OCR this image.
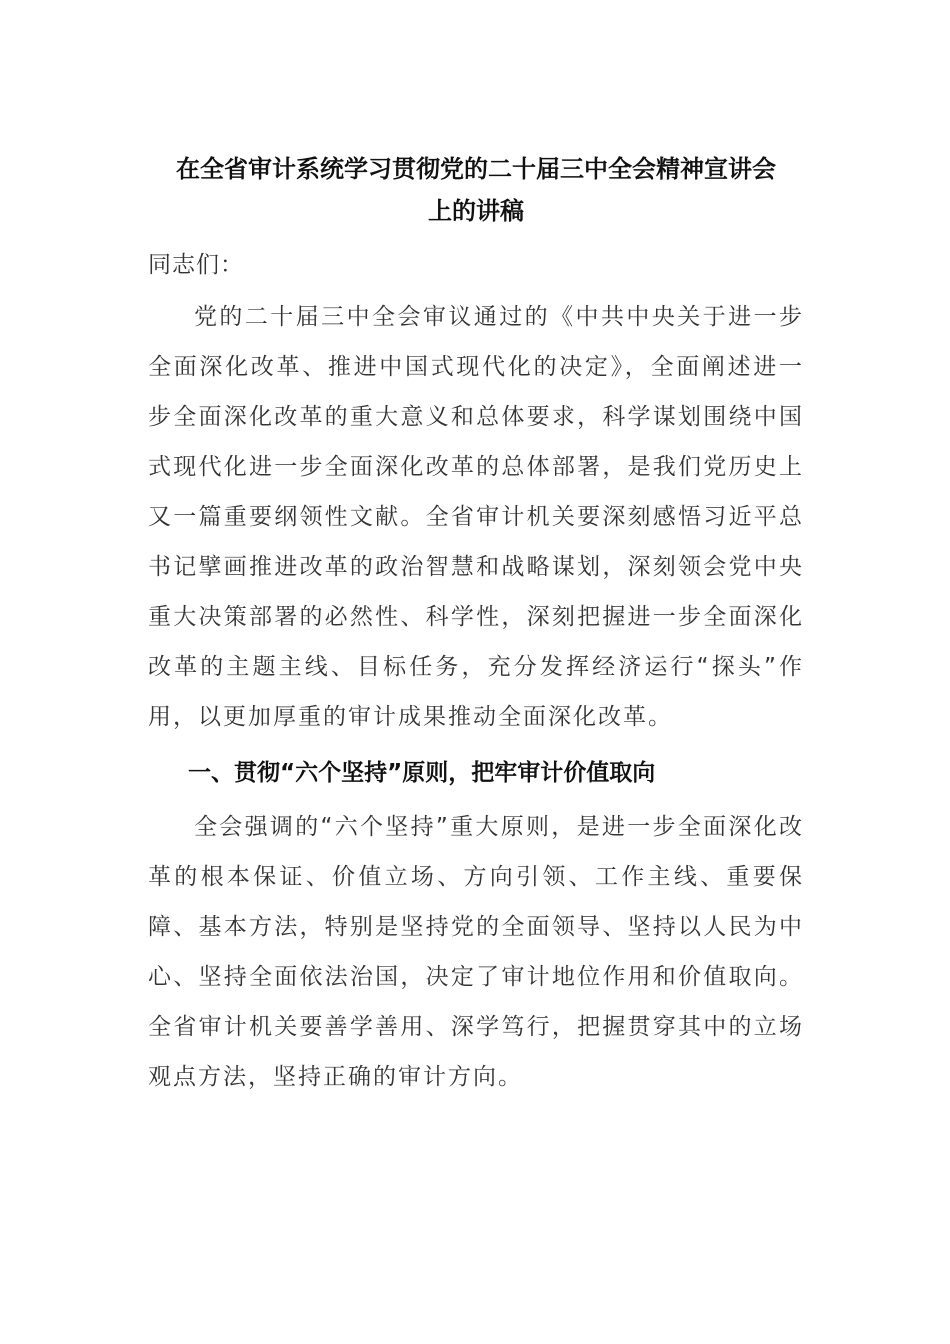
在全省审计系统学习贯彻党的二十届三中全会精神宣讲会
上的讲稿

同志们：

党的二十届三中全会审议通过的《中共中央关于进一步全面深化改革、推进中国式现代化的决定》，全面阐述进一步全面深化改革的重大意义和总体要求，科学谋划围绕中国式现代化进一步全面深化改革的总体部署，是我们党历史上又一篇重要纲领性文献。全省审计机关要深刻感悟习近平总书记擘画推进改革的政治智慧和战略谋划，深刻领会党中央重大决策部署的必然性、科学性，深刻把握进一步全面深化改革的主题主线、目标任务，充分发挥经济运行“探头”作用，以更加厚重的审计成果推动全面深化改革。

一、贯彻“六个坚持”原则，把牢审计价值取向

全会强调的“六个坚持”重大原则，是进一步全面深化改革的根本保证、价值立场、方向引领、工作主线、重要保障、基本方法，特别是坚持党的全面领导、坚持以人民为中心、坚持全面依法治国，决定了审计地位作用和价值取向。全省审计机关要善学善用、深学笃行，把握贯穿其中的立场观点方法，坚持正确的审计方向。
